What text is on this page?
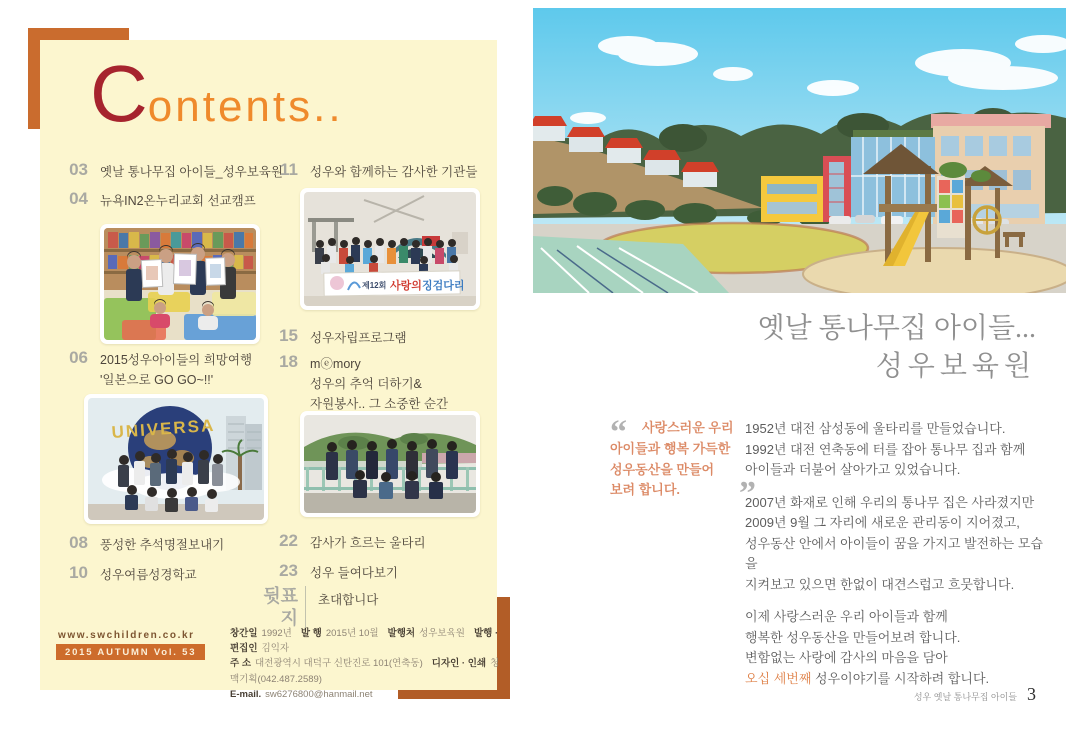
C ontents..
03 옛날 통나무집 아이들_성우보육원
04 뉴욕IN2온누리교회 선교캠프
06 2015성우아이들의 희망여행
'일본으로 GO GO~!!'
UNIVERSA
08 풍성한 추석명절보내기
10 성우여름성경학교
11 성우와 함께하는 감사한 기관들
제12회 사랑의 징검다리
15 성우자립프로그램
18 mⓔmory
성우의 추억 더하기&
자원봉사.. 그 소중한 순간
22 감사가 흐르는 울타리
23 성우 들여다보기
뒷표지
초대합니다
www.swchildren.co.kr
2015 AUTUMN Vol. 53
창간일 1992년 발 행 2015년 10월 발행처 성우보육원 발행 · 편집인 김익자
주 소 대전광역시 대덕구 신탄진로 101(연축동) 디자인 · 인쇄 청맥기획(042.487.2589)
E-mail. sw6276800@hanmail.net
옛날 통나무집 아이들...
성우보육원
“	사랑스러운 우리
아이들과 행복 가득한
성우동산을 만들어
보려 합니다.	”
1952년 대전 삼성동에 울타리를 만들었습니다.
1992년 대전 연축동에 터를 잡아 통나무 집과 함께
아이들과 더불어 살아가고 있었습니다.
2007년 화재로 인해 우리의 통나무 집은 사라졌지만
2009년 9월 그 자리에 새로운 관리동이 지어졌고,
성우동산 안에서 아이들이 꿈을 가지고 발전하는 모습을
지켜보고 있으면 한없이 대견스럽고 흐뭇합니다.
이제 사랑스러운 우리 아이들과 함께
행복한 성우동산을 만들어보려 합니다.
변함없는 사랑에 감사의 마음을 담아
오십 세번째 성우이야기를 시작하려 합니다.
성우 옛날 통나무집 아이들 3
